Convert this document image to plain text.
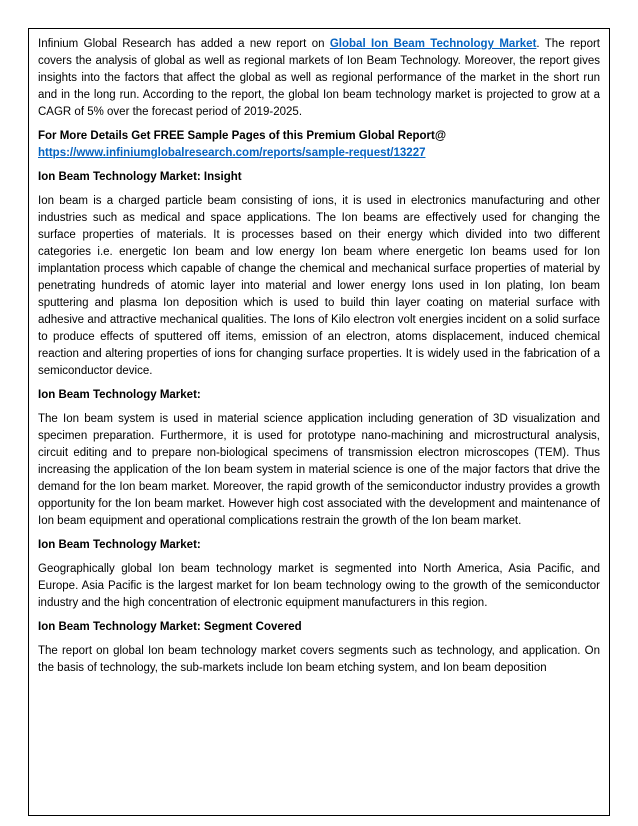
Infinium Global Research has added a new report on Global Ion Beam Technology Market. The report covers the analysis of global as well as regional markets of Ion Beam Technology. Moreover, the report gives insights into the factors that affect the global as well as regional performance of the market in the short run and in the long run. According to the report, the global Ion beam technology market is projected to grow at a CAGR of 5% over the forecast period of 2019-2025.

For More Details Get FREE Sample Pages of this Premium Global Report@
https://www.infiniumglobalresearch.com/reports/sample-request/13227

Ion Beam Technology Market: Insight

Ion beam is a charged particle beam consisting of ions, it is used in electronics manufacturing and other industries such as medical and space applications. The Ion beams are effectively used for changing the surface properties of materials. It is processes based on their energy which divided into two different categories i.e. energetic Ion beam and low energy Ion beam where energetic Ion beams used for Ion implantation process which capable of change the chemical and mechanical surface properties of material by penetrating hundreds of atomic layer into material and lower energy Ions used in Ion plating, Ion beam sputtering and plasma Ion deposition which is used to build thin layer coating on material surface with adhesive and attractive mechanical qualities. The Ions of Kilo electron volt energies incident on a solid surface to produce effects of sputtered off items, emission of an electron, atoms displacement, induced chemical reaction and altering properties of ions for changing surface properties. It is widely used in the fabrication of a semiconductor device.

Ion Beam Technology Market:

The Ion beam system is used in material science application including generation of 3D visualization and specimen preparation. Furthermore, it is used for prototype nano-machining and microstructural analysis, circuit editing and to prepare non-biological specimens of transmission electron microscopes (TEM). Thus increasing the application of the Ion beam system in material science is one of the major factors that drive the demand for the Ion beam market. Moreover, the rapid growth of the semiconductor industry provides a growth opportunity for the Ion beam market. However high cost associated with the development and maintenance of Ion beam equipment and operational complications restrain the growth of the Ion beam market.

Ion Beam Technology Market:

Geographically global Ion beam technology market is segmented into North America, Asia Pacific, and Europe. Asia Pacific is the largest market for Ion beam technology owing to the growth of the semiconductor industry and the high concentration of electronic equipment manufacturers in this region.

Ion Beam Technology Market: Segment Covered

The report on global Ion beam technology market covers segments such as technology, and application. On the basis of technology, the sub-markets include Ion beam etching system, and Ion beam deposition
